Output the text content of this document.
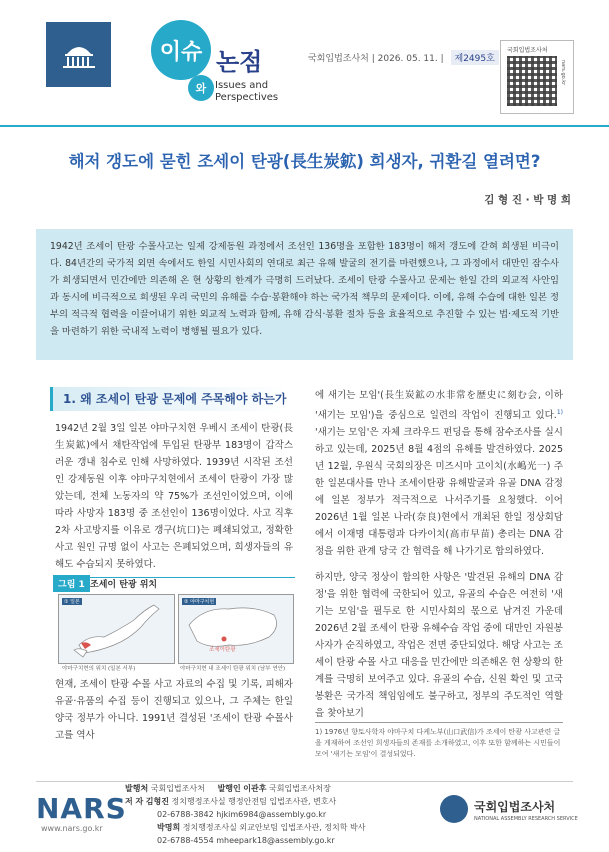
이슈
와
논점
Issues and
Perspectives
국회입법조사처 | 2026. 05. 11. | 제2495호
국회입법조사처
nars.go.kr
해저 갱도에 묻힌 조세이 탄광(長生炭鉱) 희생자, 귀환길 열려면?
김 형 진 · 박 명 희
1942년 조세이 탄광 수몰사고는 일제 강제동원 과정에서 조선인 136명을 포함한 183명이 해저 갱도에 갇혀 희생된 비극이다. 84년간의 국가적 외면 속에서도 한일 시민사회의 연대로 최근 유해 발굴의 전기를 마련했으나, 그 과정에서 대만인 잠수사가 희생되면서 민간에만 의존해 온 현 상황의 한계가 극명히 드러났다. 조세이 탄광 수몰사고 문제는 한일 간의 외교적 사안임과 동시에 비극적으로 희생된 우리 국민의 유해를 수습·봉환해야 하는 국가적 책무의 문제이다. 이에, 유해 수습에 대한 일본 정부의 적극적 협력을 이끌어내기 위한 외교적 노력과 함께, 유해 감식·봉환 절차 등을 효율적으로 추진할 수 있는 법·제도적 기반을 마련하기 위한 국내적 노력이 병행될 필요가 있다.
1. 왜 조세이 탄광 문제에 주목해야 하는가
1942년 2월 3일 일본 야마구치현 우베시 조세이 탄광(長生炭鉱)에서 채탄작업에 투입된 탄광부 183명이 갑작스러운 갱내 침수로 인해 사망하였다. 1939년 시작된 조선인 강제동원 이후 야마구치현에서 조세이 탄광이 가장 많았는데, 전체 노동자의 약 75%가 조선인이었으며, 이에 따라 사망자 183명 중 조선인이 136명이었다. 사고 직후 2차 사고방지를 이유로 갱구(坑口)는 폐쇄되었고, 정확한 사고 원인 규명 없이 사고는 은폐되었으며, 희생자들의 유해도 수습되지 못하였다.
그림 1 조세이 탄광 위치
① 일본
야마구치현의 위치 (일본 서부)
② 야마구치현
조세이탄광
야마구치현 내 조세이 탄광 위치 (남부 연안)
현재, 조세이 탄광 수몰 사고 자료의 수집 및 기록, 피해자 유골·유품의 수집 등이 진행되고 있으나, 그 주체는 한일 양국 정부가 아니다. 1991년 결성된 '조세이 탄광 수몰사고를 역사
에 새기는 모임'(長生炭鉱の水非常を歴史に刻む会, 이하 '새기는 모임')을 중심으로 일련의 작업이 진행되고 있다.$^{1)}$ '새기는 모임'은 자체 크라우드 펀딩을 통해 잠수조사를 실시하고 있는데, 2025년 8월 4점의 유해를 발견하였다. 2025년 12월, 우원식 국회의장은 미즈시마 고이치(水嶋光一) 주한 일본대사를 만나 조세이탄광 유해발굴과 유골 DNA 감정에 일본 정부가 적극적으로 나서주기를 요청했다. 이어 2026년 1월 일본 나라(奈良)현에서 개최된 한일 정상회담에서 이재명 대통령과 다카이치(高市早苗) 총리는 DNA 감정을 위한 관계 당국 간 협력을 해 나가기로 합의하였다.
하지만, 양국 정상이 합의한 사항은 '발견된 유해의 DNA 감정'을 위한 협력에 국한되어 있고, 유골의 수습은 여전히 '새기는 모임'을 필두로 한 시민사회의 몫으로 남겨진 가운데 2026년 2월 조세이 탄광 유해수습 작업 중에 대만인 자원봉사자가 순직하였고, 작업은 전면 중단되었다. 해당 사고는 조세이 탄광 수몰 사고 대응을 민간에만 의존해온 현 상황의 한계를 극명히 보여주고 있다. 유골의 수습, 신원 확인 및 고국 봉환은 국가적 책임임에도 불구하고, 정부의 주도적인 역할을 찾아보기
1) 1976년 향토사학자 야마구치 다케노부(山口武信)가 조세이 탄광 사고관련 글을 게재하여 조선인 희생자들의 존재를 소개하였고, 이후 또한 함께하는 시민들이 모여 '새기는 모임'이 결성되었다.
NARS
www.nars.go.kr
발행처 국회입법조사처 발행인 이관후 국회입법조사처장
저 자 김형진 정치행정조사실 행정안전팀 입법조사관, 변호사
02-6788-3842 hjkim6984@assembly.go.kr
박명희 정치행정조사실 외교안보팀 입법조사관, 정치학 박사
02-6788-4554 mheepark18@assembly.go.kr
국회입법조사처
NATIONAL ASSEMBLY RESEARCH SERVICE
